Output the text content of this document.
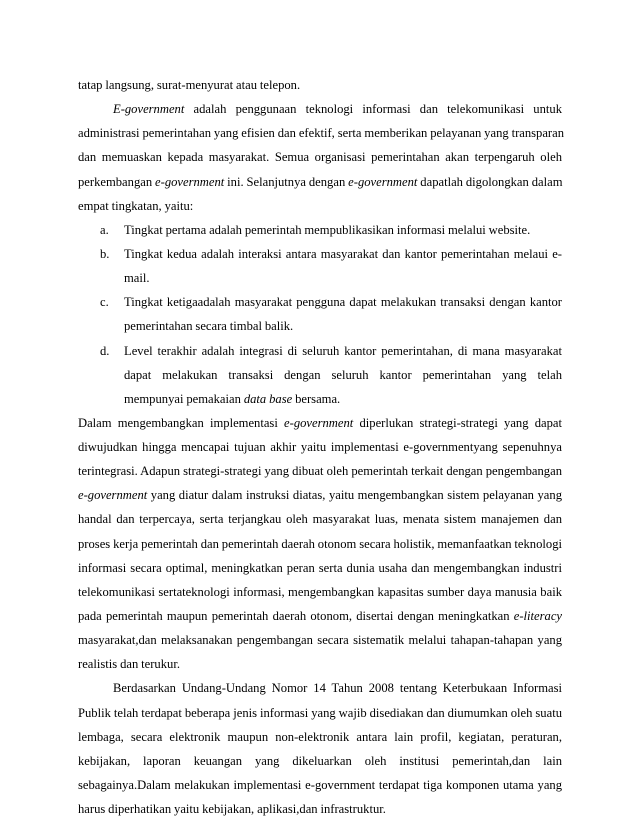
tatap langsung, surat-menyurat atau telepon.
E-government adalah penggunaan teknologi informasi dan telekomunikasi untuk
administrasi pemerintahan yang efisien dan efektif, serta memberikan pelayanan yang transparan
dan memuaskan kepada masyarakat. Semua organisasi pemerintahan akan terpengaruh oleh
perkembangan e-government ini. Selanjutnya dengan e-government dapatlah digolongkan dalam
empat tingkatan, yaitu:
a. Tingkat pertama adalah pemerintah mempublikasikan informasi melalui website.
b. Tingkat kedua adalah interaksi antara masyarakat dan kantor pemerintahan melaui e-
mail.
c. Tingkat ketigaadalah masyarakat pengguna dapat melakukan transaksi dengan kantor
pemerintahan secara timbal balik.
d. Level terakhir adalah integrasi di seluruh kantor pemerintahan, di mana masyarakat
dapat melakukan transaksi dengan seluruh kantor pemerintahan yang telah
mempunyai pemakaian data base bersama.
Dalam mengembangkan implementasi e-government diperlukan strategi-strategi yang dapat
diwujudkan hingga mencapai tujuan akhir yaitu implementasi e-governmentyang sepenuhnya
terintegrasi. Adapun strategi-strategi yang dibuat oleh pemerintah terkait dengan pengembangan
e-government yang diatur dalam instruksi diatas, yaitu mengembangkan sistem pelayanan yang
handal dan terpercaya, serta terjangkau oleh masyarakat luas, menata sistem manajemen dan
proses kerja pemerintah dan pemerintah daerah otonom secara holistik, memanfaatkan teknologi
informasi secara optimal, meningkatkan peran serta dunia usaha dan mengembangkan industri
telekomunikasi sertateknologi informasi, mengembangkan kapasitas sumber daya manusia baik
pada pemerintah maupun pemerintah daerah otonom, disertai dengan meningkatkan e-literacy
masyarakat,dan melaksanakan pengembangan secara sistematik melalui tahapan-tahapan yang
realistis dan terukur.
Berdasarkan Undang-Undang Nomor 14 Tahun 2008 tentang Keterbukaan Informasi
Publik telah terdapat beberapa jenis informasi yang wajib disediakan dan diumumkan oleh suatu
lembaga, secara elektronik maupun non-elektronik antara lain profil, kegiatan, peraturan,
kebijakan, laporan keuangan yang dikeluarkan oleh institusi pemerintah,dan lain
sebagainya.Dalam melakukan implementasi e-government terdapat tiga komponen utama yang
harus diperhatikan yaitu kebijakan, aplikasi,dan infrastruktur.
